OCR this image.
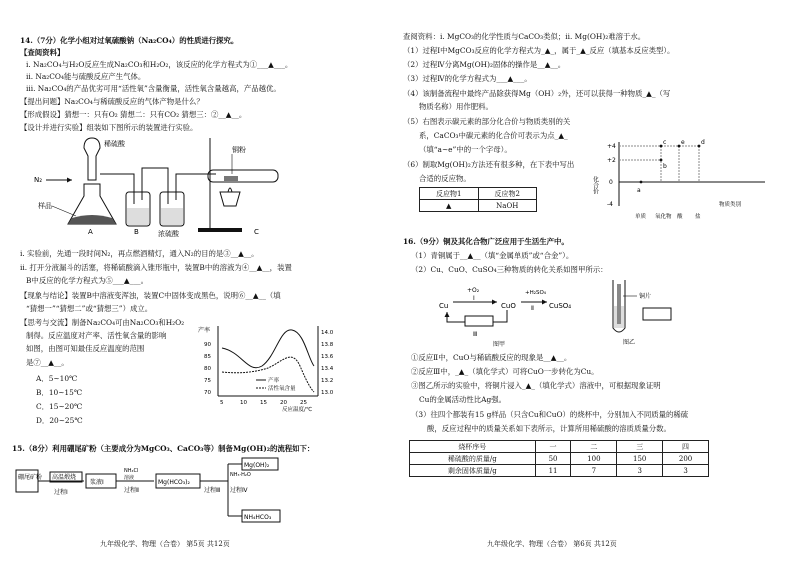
14.（7分）化学小组对过氧硫酸钠（Na₂CO₄）的性质进行探究。
【查阅资料】
i. Na₂CO₄与H₂O反应生成Na₂CO₃和H₂O₂，该反应的化学方程式为①___▲___。
ii. Na₂CO₄能与硫酸反应产生气体。
iii. Na₂CO₄的产品优劣可用“活性氧”含量衡量，活性氧含量越高，产品越优。
【提出问题】Na₂CO₄与稀硫酸反应的气体产物是什么？
【形成假设】猜想一：只有O₂ 猜想二：只有CO₂ 猜想三：②__▲__。
【设计并进行实验】组装如下图所示的装置进行实验。
N₂
稀硫酸
样品
浓硫酸
铜粉
A	B	C
i. 实验前，先通一段时间N₂，再点燃酒精灯，通入N₂的目的是③__▲__。
ii. 打开分液漏斗的活塞，将稀硫酸滴入锥形瓶中，装置B中的溶液为④__▲__，装置
B中反应的化学方程式为⑤___▲___。
【现象与结论】装置B中溶液变浑浊，装置C中固体变成黑色，说明⑥__▲__（填
“猜想一”“猜想二”或“猜想三”）成立。
【思考与交流】制备Na₂CO₄可由Na₂CO₃和H₂O₂
制得。反应温度对产率、活性氧含量的影响
如图，由图可知最佳反应温度的范围
是⑦__▲__。
A．5~10℃
B．10~15℃
C．15~20℃
D．20~25℃
产率
90
85
80
75
70
14.0
13.8
13.6
13.4
13.2
13.0
5	10 15 20 25
产率
活性氧含量
反应温度/℃
15.（8分）利用硼尾矿粉（主要成分为MgCO₃、CaCO₃等）制备Mg(OH)₂的流程如下：
硼尾矿粉 高温煅烧
过程Ⅰ
浆液Ⅰ
NH₄Cl
溶液
过程Ⅱ
Mg(HCO₃)₂
过程Ⅲ
NH₃·H₂O
过程Ⅳ
Mg(OH)₂
NH₄HCO₃
九年级化学、物理（合卷） 第5页 共12页
查阅资料：i. MgCO₃的化学性质与CaCO₃类似；ii. Mg(OH)₂难溶于水。
（1）过程Ⅰ中MgCO₃反应的化学方程式为_▲_，属于_▲_反应（填基本反应类型）。
（2）过程Ⅳ分离Mg(OH)₂固体的操作是__▲__。
（3）过程Ⅳ的化学方程式为___▲___。
（4）该制备流程中最终产品除获得Mg（OH）₂外，还可以获得一种物质_▲_（写
物质名称）用作肥料。
（5）右图表示碳元素的部分化合价与物质类别的关
系，CaCO₃中碳元素的化合价可表示为点_▲_
（填“a~e”中的一个字母）。
（6）制取Mg(OH)₂方法还有很多种，在下表中写出
合适的反应物。
反应物1	反应物2
▲	NaOH
化合价
+4
+2
0
-4
a
b
c	d
e
单质 氧化物 酸 盐
物质类别
16.（9分）铜及其化合物广泛应用于生活生产中。
（1）青铜属于__▲__（填“金属单质”或“合金”）。
（2）Cu、CuO、CuSO₄三种物质的转化关系如图甲所示：
Cu	CuO	CuSO₄
+O₂
Ⅰ
+H₂SO₄
Ⅱ
Ⅲ
图甲
铜片
图乙
①反应Ⅱ中，CuO与稀硫酸反应的现象是__▲__。
②反应Ⅲ中，_▲_（填化学式）可将CuO一步转化为Cu。
③图乙所示的实验中，将铜片浸入_▲_（填化学式）溶液中，可根据现象证明
Cu的金属活动性比Ag强。
（3）往四个都装有15 g样品（只含Cu和CuO）的烧杯中，分别加入不同质量的稀硫
酸，反应过程中的质量关系如下表所示，计算所用稀硫酸的溶质质量分数。
烧杯序号	一	二	三	四
稀硫酸的质量/g	50	100	150	200
剩余固体质量/g	11	7	3	3
九年级化学、物理（合卷） 第6页 共12页
